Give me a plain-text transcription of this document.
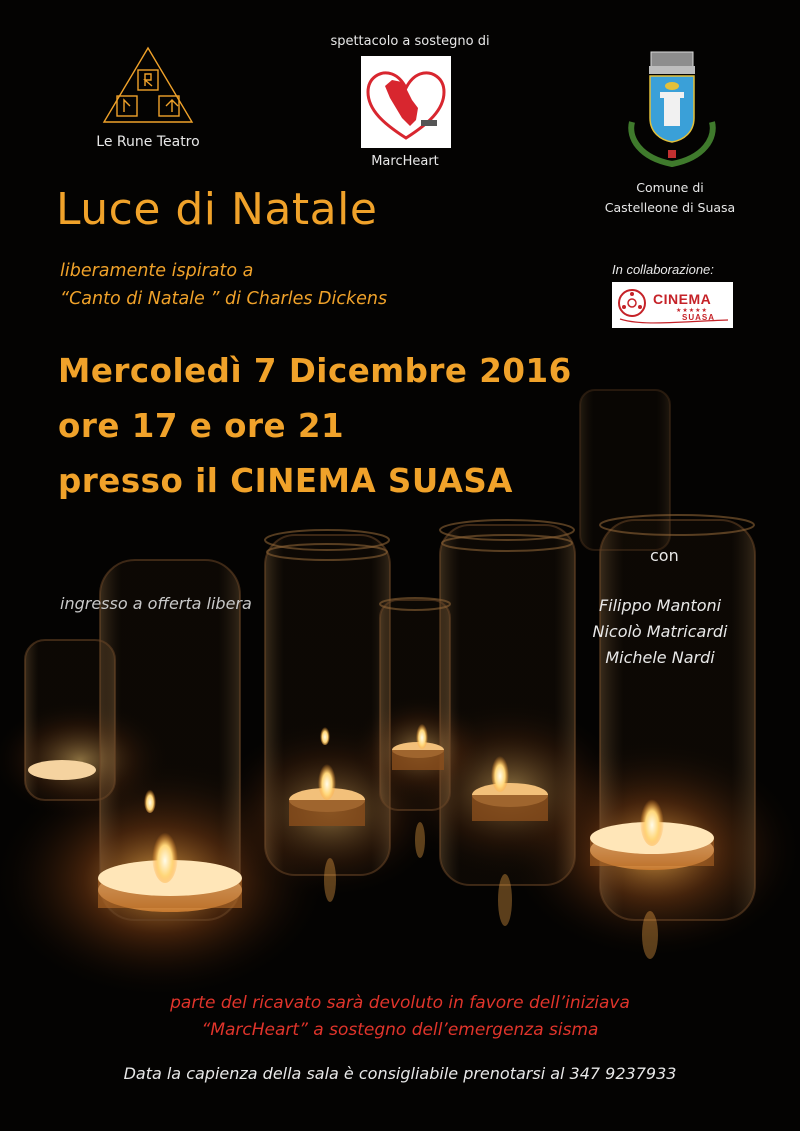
Le Rune Teatro
spettacolo a sostegno di
MarcHeart
Comune di
Castelleone di Suasa
Luce di Natale
liberamente ispirato a
“Canto di Natale ” di Charles Dickens
In collaborazione:
CINEMA
★★★★★
SUASA
Mercoledì 7 Dicembre 2016
ore 17 e ore 21
presso il CINEMA SUASA
con
ingresso a offerta libera	Filippo Mantoni
Nicolò Matricardi
Michele Nardi
parte del ricavato sarà devoluto in favore dell’iniziava
“MarcHeart” a sostegno dell’emergenza sisma
Data la capienza della sala è consigliabile prenotarsi al 347 9237933
